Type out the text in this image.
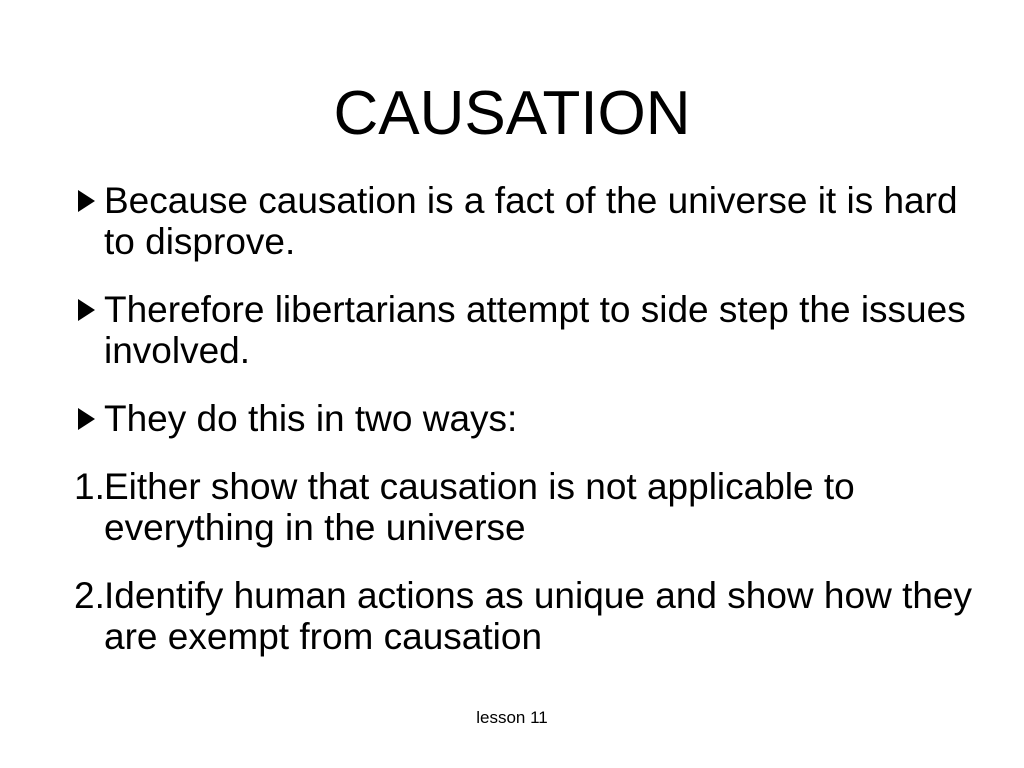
CAUSATION
Because causation is a fact of the universe it is hard to disprove.
Therefore libertarians attempt to side step the issues involved.
They do this in two ways:
1. Either show that causation is not applicable to everything in the universe
2. Identify human actions as unique and show how they are exempt from causation
lesson 11
